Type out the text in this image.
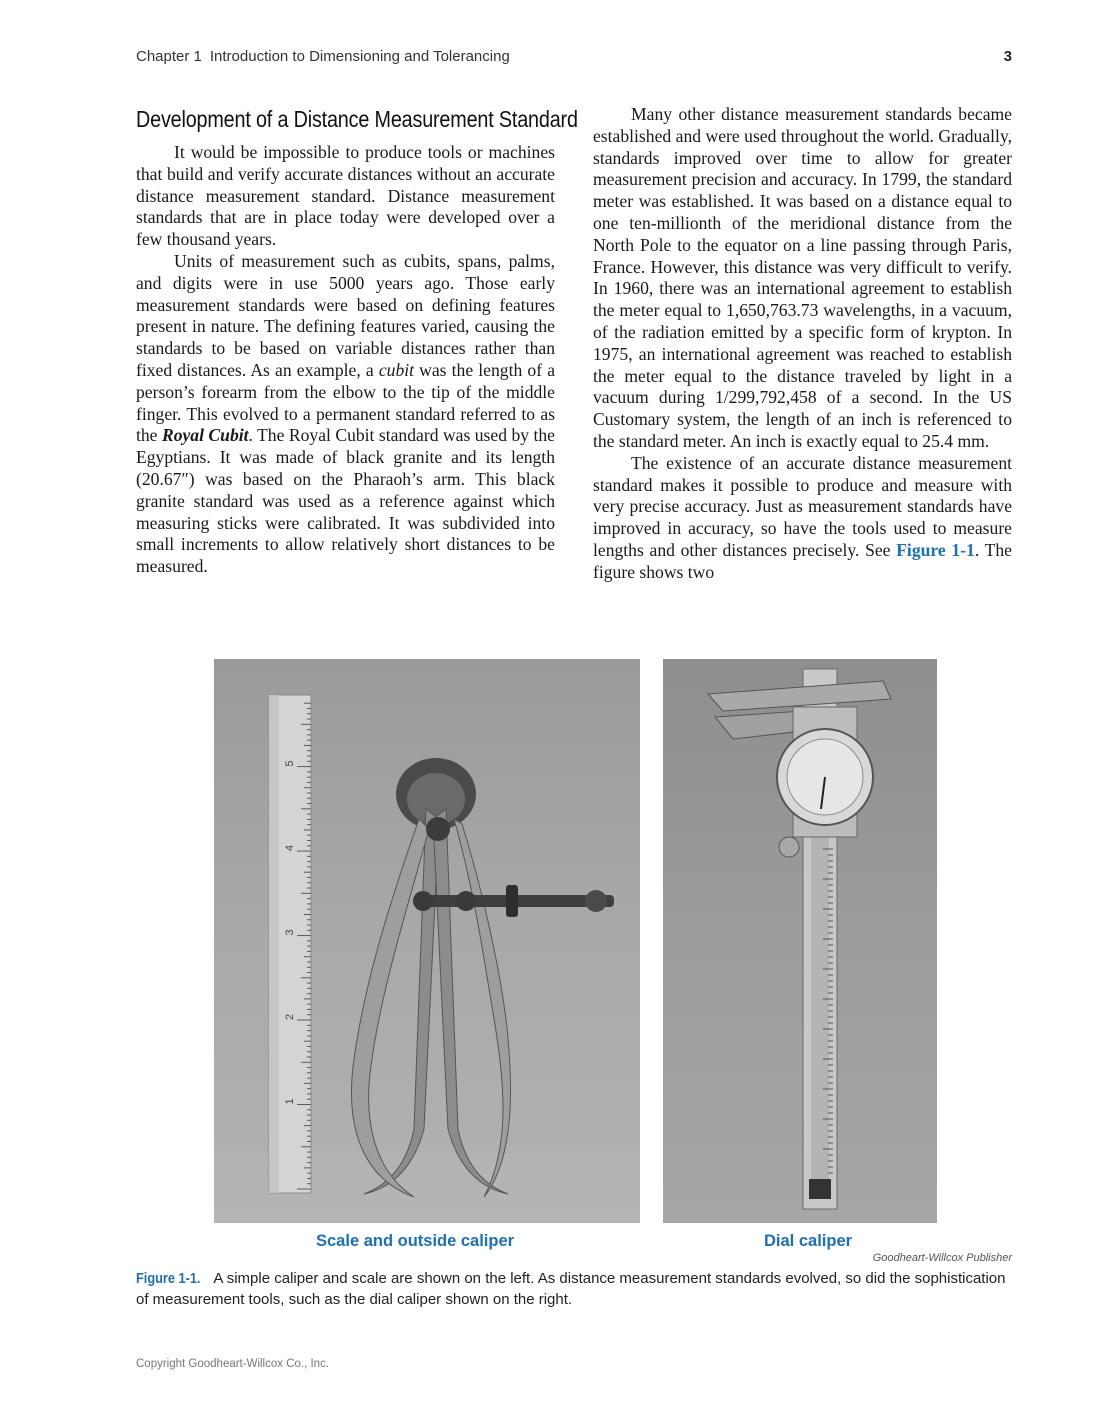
Chapter 1 Introduction to Dimensioning and Tolerancing	3
Development of a Distance Measurement Standard

It would be impossible to produce tools or machines that build and verify accurate distances without an accurate distance measurement standard. Distance measurement standards that are in place today were developed over a few thousand years.

Units of measurement such as cubits, spans, palms, and digits were in use 5000 years ago. Those early measurement standards were based on defining features present in nature. The defining features varied, causing the standards to be based on variable distances rather than fixed distances. As an example, a cubit was the length of a person’s forearm from the elbow to the tip of the middle finger. This evolved to a permanent standard referred to as the Royal Cubit. The Royal Cubit standard was used by the Egyptians. It was made of black granite and its length (20.67″) was based on the Pharaoh’s arm. This black granite standard was used as a reference against which measuring sticks were calibrated. It was subdivided into small increments to allow relatively short distances to be measured.

Many other distance measurement standards became established and were used throughout the world. Gradually, standards improved over time to allow for greater measurement precision and accuracy. In 1799, the standard meter was established. It was based on a distance equal to one ten-millionth of the meridional distance from the North Pole to the equator on a line passing through Paris, France. However, this distance was very difficult to verify. In 1960, there was an international agreement to establish the meter equal to 1,650,763.73 wavelengths, in a vacuum, of the radiation emitted by a specific form of krypton. In 1975, an international agreement was reached to establish the meter equal to the distance traveled by light in a vacuum during 1/299,792,458 of a second. In the US Customary system, the length of an inch is referenced to the standard meter. An inch is exactly equal to 25.4 mm.

The existence of an accurate distance measurement standard makes it possible to produce and measure with very precise accuracy. Just as measurement standards have improved in accuracy, so have the tools used to measure lengths and other distances precisely. See Figure 1-1. The figure shows two

5
4
3
2
1
Scale and outside caliper	Dial caliper
Goodheart-Willcox Publisher
Figure 1-1. A simple caliper and scale are shown on the left. As distance measurement standards evolved, so did the sophistication of measurement tools, such as the dial caliper shown on the right.
Copyright Goodheart-Willcox Co., Inc.
